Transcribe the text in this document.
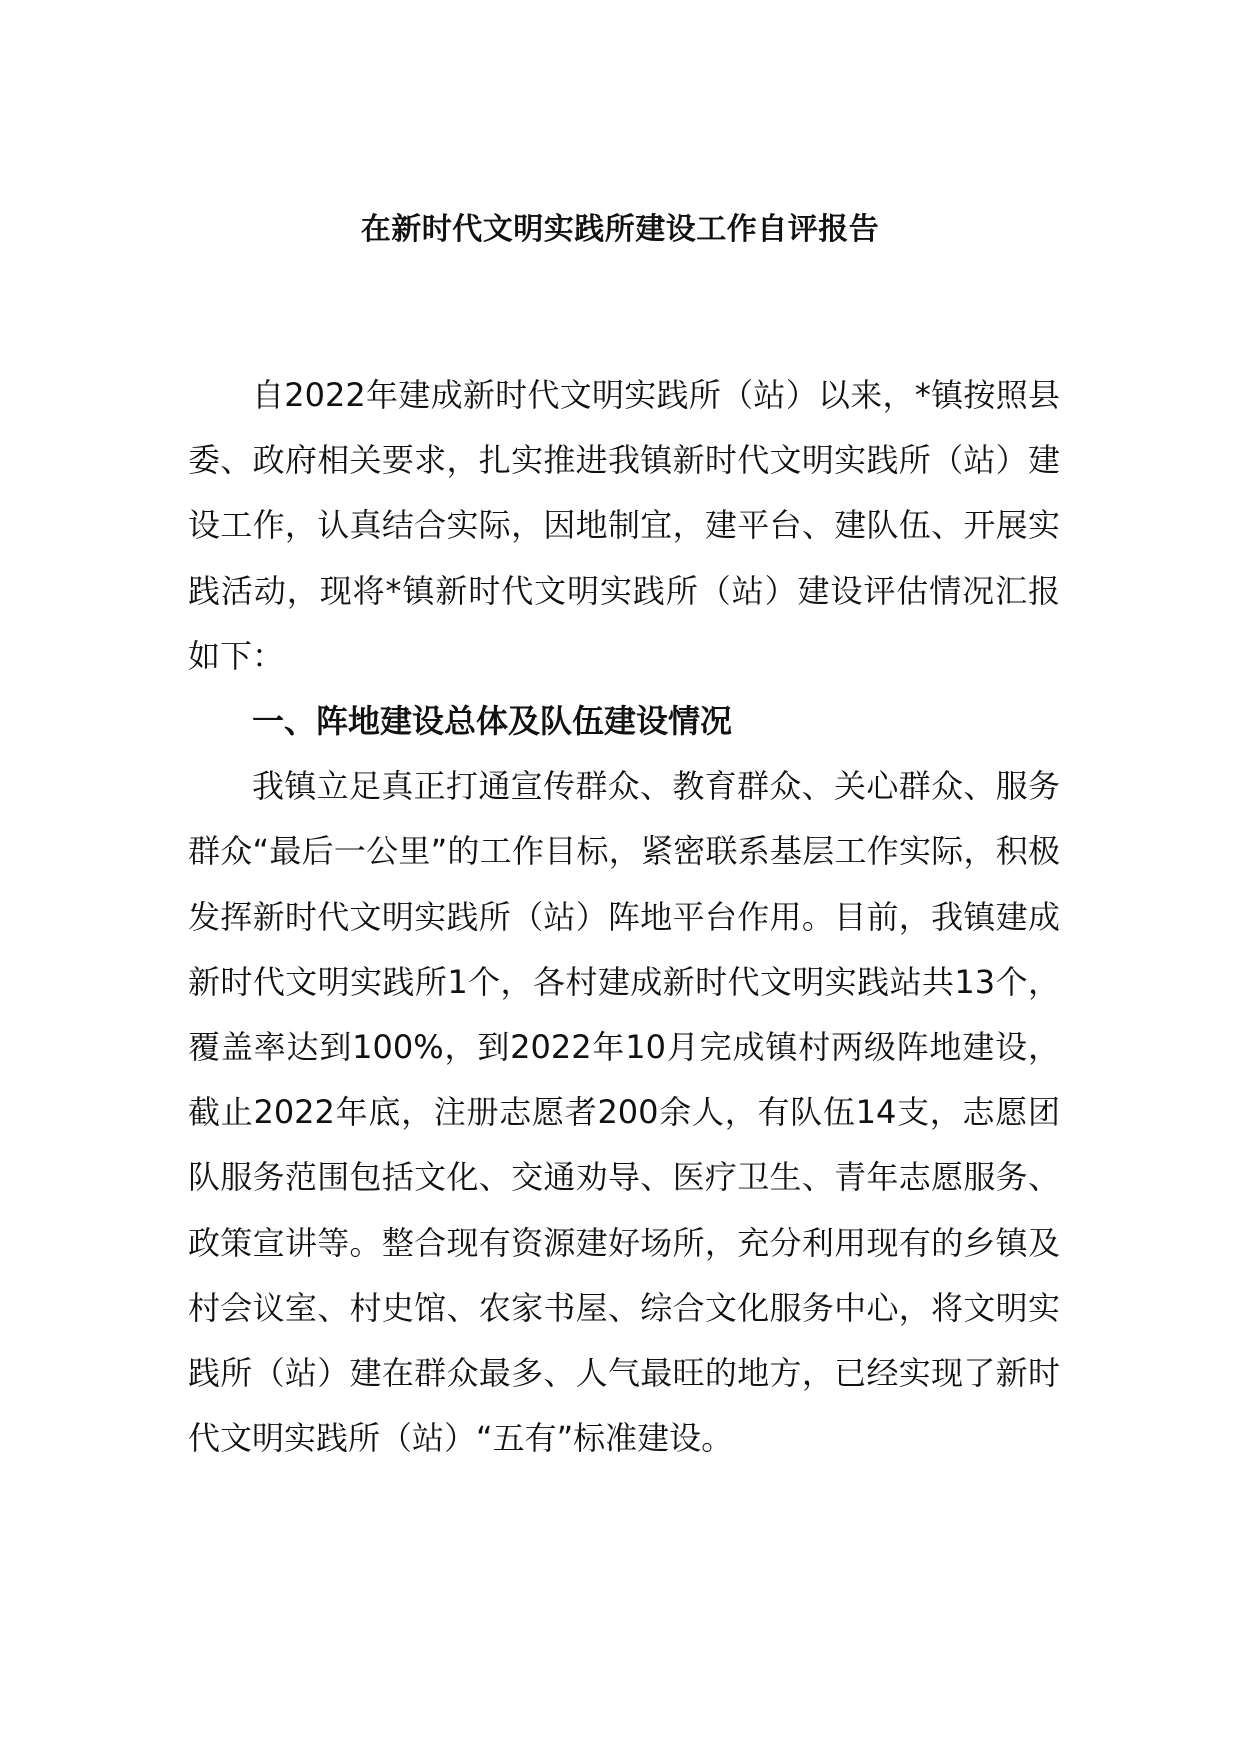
在新时代文明实践所建设工作自评报告

自2022年建成新时代文明实践所（站）以来，*镇按照县委、政府相关要求，扎实推进我镇新时代文明实践所（站）建设工作，认真结合实际，因地制宜，建平台、建队伍、开展实践活动，现将*镇新时代文明实践所（站）建设评估情况汇报如下：

一、阵地建设总体及队伍建设情况

我镇立足真正打通宣传群众、教育群众、关心群众、服务群众“最后一公里”的工作目标，紧密联系基层工作实际，积极发挥新时代文明实践所（站）阵地平台作用。目前，我镇建成新时代文明实践所1个，各村建成新时代文明实践站共13个，覆盖率达到100%，到2022年10月完成镇村两级阵地建设，截止2022年底，注册志愿者200余人，有队伍14支，志愿团队服务范围包括文化、交通劝导、医疗卫生、青年志愿服务、政策宣讲等。整合现有资源建好场所，充分利用现有的乡镇及村会议室、村史馆、农家书屋、综合文化服务中心，将文明实践所（站）建在群众最多、人气最旺的地方，已经实现了新时代文明实践所（站）“五有”标准建设。
